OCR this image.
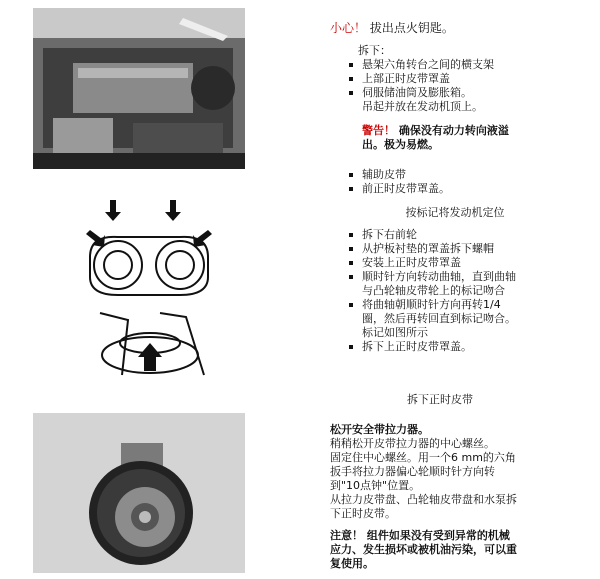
小心！ 拔出点火钥匙。
拆下：
悬架六角转台之间的横支架
上部正时皮带罩盖
伺服储油筒及膨胀箱。
吊起并放在发动机顶上。
警告！ 确保没有动力转向液溢
出。极为易燃。
辅助皮带
前正时皮带罩盖。
按标记将发动机定位
拆下右前轮
从护板衬垫的罩盖拆下螺帽
安装上正时皮带罩盖
顺时针方向转动曲轴，直到曲轴
与凸轮轴皮带轮上的标记吻合
将曲轴朝顺时针方向再转1/4
圈，然后再转回直到标记吻合。
标记如图所示
拆下上正时皮带罩盖。
拆下正时皮带
松开安全带拉力器。
稍稍松开皮带拉力器的中心螺丝。
固定住中心螺丝。用一个6 mm的六角
扳手将拉力器偏心轮顺时针方向转
到"10点钟"位置。
从拉力皮带盘、凸轮轴皮带盘和水泵拆
下正时皮带。
注意！ 组件如果没有受到异常的机械
应力、发生损坏或被机油污染，可以重
复使用。
